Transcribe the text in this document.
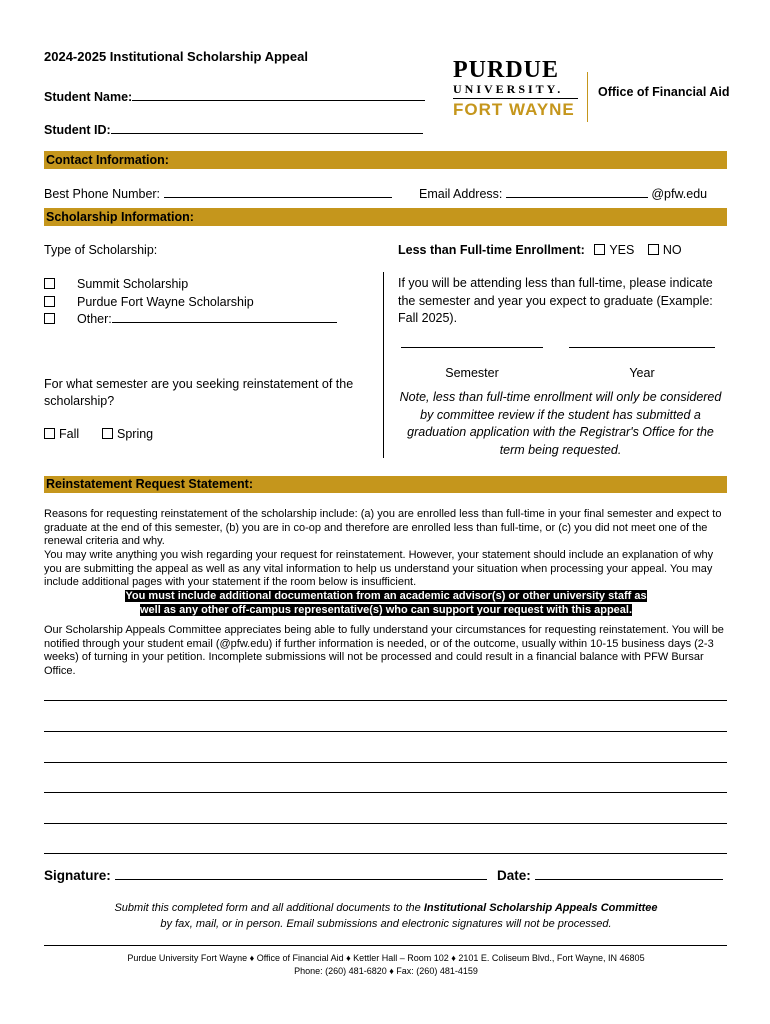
2024-2025 Institutional Scholarship Appeal
Student Name:
Student ID:
PURDUE
UNIVERSITY.
FORT WAYNE
Office of Financial Aid
Contact Information:
Best Phone Number:	Email Address:	@pfw.edu
Scholarship Information:
Type of Scholarship:
Summit Scholarship
Purdue Fort Wayne Scholarship
Other:
For what semester are you seeking reinstatement of the scholarship?
Fall	Spring
Less than Full-time Enrollment: YES NO
If you will be attending less than full-time, please indicate the semester and year you expect to graduate (Example: Fall 2025).
Semester	Year
Note, less than full-time enrollment will only be considered by committee review if the student has submitted a graduation application with the Registrar's Office for the term being requested.
Reinstatement Request Statement:
Reasons for requesting reinstatement of the scholarship include: (a) you are enrolled less than full-time in your final semester and expect to graduate at the end of this semester, (b) you are in co-op and therefore are enrolled less than full-time, or (c) you did not meet one of the renewal criteria and why.
You may write anything you wish regarding your request for reinstatement. However, your statement should include an explanation of why you are submitting the appeal as well as any vital information to help us understand your situation when processing your appeal. You may include additional pages with your statement if the room below is insufficient.
You must include additional documentation from an academic advisor(s) or other university staff as
well as any other off-campus representative(s) who can support your request with this appeal.
Our Scholarship Appeals Committee appreciates being able to fully understand your circumstances for requesting reinstatement. You will be notified through your student email (@pfw.edu) if further information is needed, or of the outcome, usually within 10-15 business days (2-3 weeks) of turning in your petition. Incomplete submissions will not be processed and could result in a financial balance with PFW Bursar Office.
Signature:	Date:
Submit this completed form and all additional documents to the Institutional Scholarship Appeals Committee
by fax, mail, or in person. Email submissions and electronic signatures will not be processed.
Purdue University Fort Wayne ♦ Office of Financial Aid ♦ Kettler Hall – Room 102 ♦ 2101 E. Coliseum Blvd., Fort Wayne, IN 46805
Phone: (260) 481-6820 ♦ Fax: (260) 481-4159
